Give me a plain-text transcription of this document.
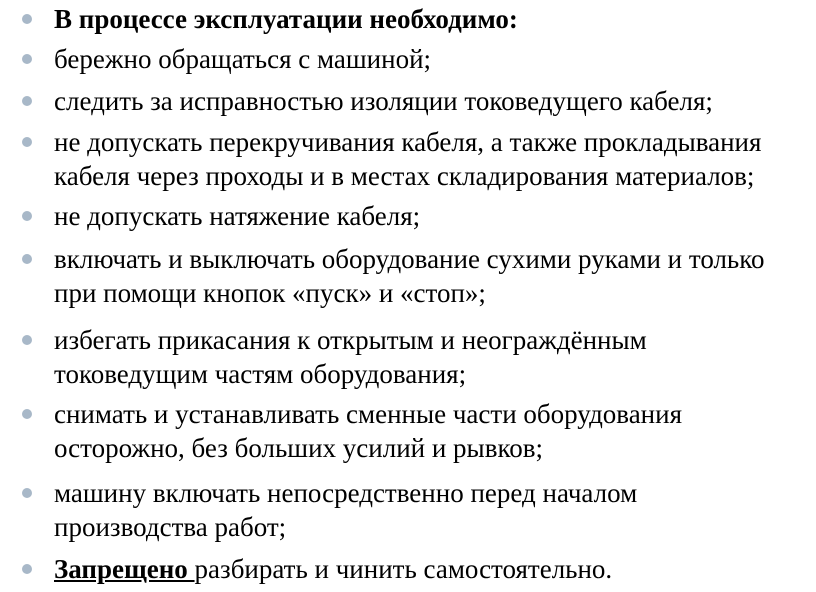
В процессе эксплуатации необходимо:
бережно обращаться с машиной;
следить за исправностью изоляции токоведущего кабеля;
не допускать перекручивания кабеля, а также прокладывания
кабеля через проходы и в местах складирования материалов;
не допускать натяжение кабеля;
включать и выключать оборудование сухими руками и только
при помощи кнопок «пуск» и «стоп»;
избегать прикасания к открытым и неограждённым
токоведущим частям оборудования;
снимать и устанавливать сменные части оборудования
осторожно, без больших усилий и рывков;
машину включать непосредственно перед началом
производства работ;
Запрещено разбирать и чинить самостоятельно.
